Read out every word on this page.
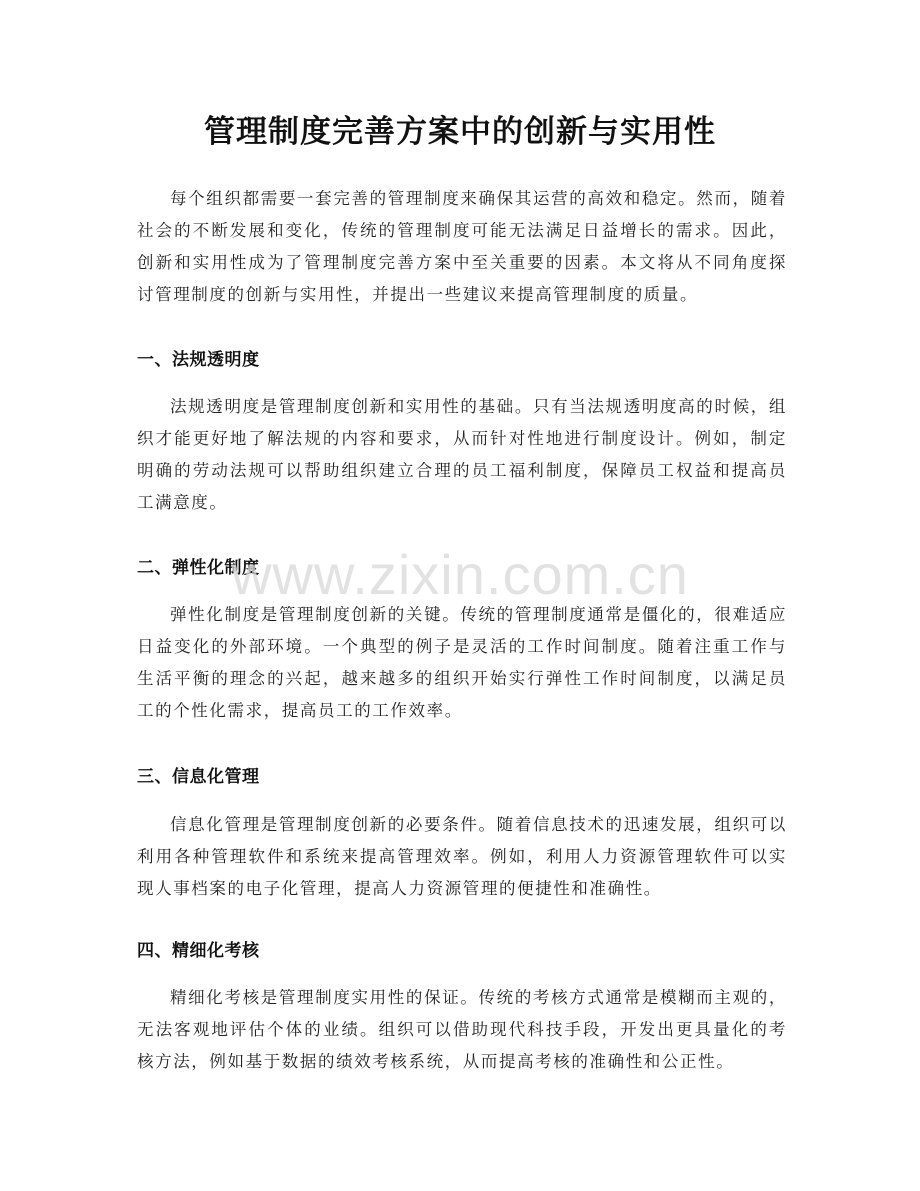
管理制度完善方案中的创新与实用性

每个组织都需要一套完善的管理制度来确保其运营的高效和稳定。然而，随着社会的不断发展和变化，传统的管理制度可能无法满足日益增长的需求。因此，创新和实用性成为了管理制度完善方案中至关重要的因素。本文将从不同角度探讨管理制度的创新与实用性，并提出一些建议来提高管理制度的质量。

一、法规透明度

法规透明度是管理制度创新和实用性的基础。只有当法规透明度高的时候，组织才能更好地了解法规的内容和要求，从而针对性地进行制度设计。例如，制定明确的劳动法规可以帮助组织建立合理的员工福利制度，保障员工权益和提高员工满意度。

二、弹性化制度

弹性化制度是管理制度创新的关键。传统的管理制度通常是僵化的，很难适应日益变化的外部环境。一个典型的例子是灵活的工作时间制度。随着注重工作与生活平衡的理念的兴起，越来越多的组织开始实行弹性工作时间制度，以满足员工的个性化需求，提高员工的工作效率。

三、信息化管理

信息化管理是管理制度创新的必要条件。随着信息技术的迅速发展，组织可以利用各种管理软件和系统来提高管理效率。例如，利用人力资源管理软件可以实现人事档案的电子化管理，提高人力资源管理的便捷性和准确性。

四、精细化考核

精细化考核是管理制度实用性的保证。传统的考核方式通常是模糊而主观的，无法客观地评估个体的业绩。组织可以借助现代科技手段，开发出更具量化的考核方法，例如基于数据的绩效考核系统，从而提高考核的准确性和公正性。

www.zixin.com.cn
